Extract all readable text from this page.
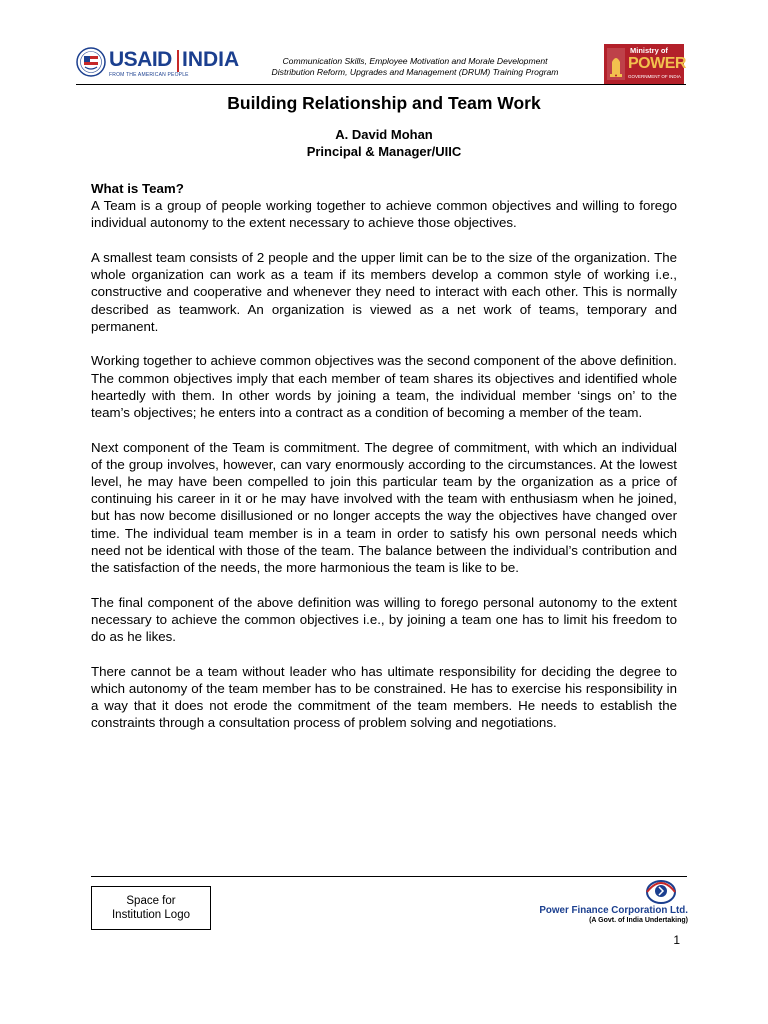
USAID INDIA
FROM THE AMERICAN PEOPLE
Communication Skills, Employee Motivation and Morale Development
Distribution Reform, Upgrades and Management (DRUM) Training Program
Ministry of
POWER
GOVERNMENT OF INDIA
Building Relationship and Team Work
A. David Mohan
Principal & Manager/UIIC

What is Team?

A Team is a group of people working together to achieve common objectives and willing to forego individual autonomy to the extent necessary to achieve those objectives.

A smallest team consists of 2 people and the upper limit can be to the size of the organization. The whole organization can work as a team if its members develop a common style of working i.e., constructive and cooperative and whenever they need to interact with each other. This is normally described as teamwork. An organization is viewed as a net work of teams, temporary and permanent.

Working together to achieve common objectives was the second component of the above definition. The common objectives imply that each member of team shares its objectives and identified whole heartedly with them. In other words by joining a team, the individual member ‘sings on’ to the team’s objectives; he enters into a contract as a condition of becoming a member of the team.

Next component of the Team is commitment. The degree of commitment, with which an individual of the group involves, however, can vary enormously according to the circumstances. At the lowest level, he may have been compelled to join this particular team by the organization as a price of continuing his career in it or he may have involved with the team with enthusiasm when he joined, but has now become disillusioned or no longer accepts the way the objectives have changed over time. The individual team member is in a team in order to satisfy his own personal needs which need not be identical with those of the team. The balance between the individual’s contribution and the satisfaction of the needs, the more harmonious the team is like to be.

The final component of the above definition was willing to forego personal autonomy to the extent necessary to achieve the common objectives i.e., by joining a team one has to limit his freedom to do as he likes.

There cannot be a team without leader who has ultimate responsibility for deciding the degree to which autonomy of the team member has to be constrained. He has to exercise his responsibility in a way that it does not erode the commitment of the team members. He needs to establish the constraints through a consultation process of problem solving and negotiations.

Space for
Institution Logo	Power Finance Corporation Ltd.
(A Govt. of India Undertaking)
1
